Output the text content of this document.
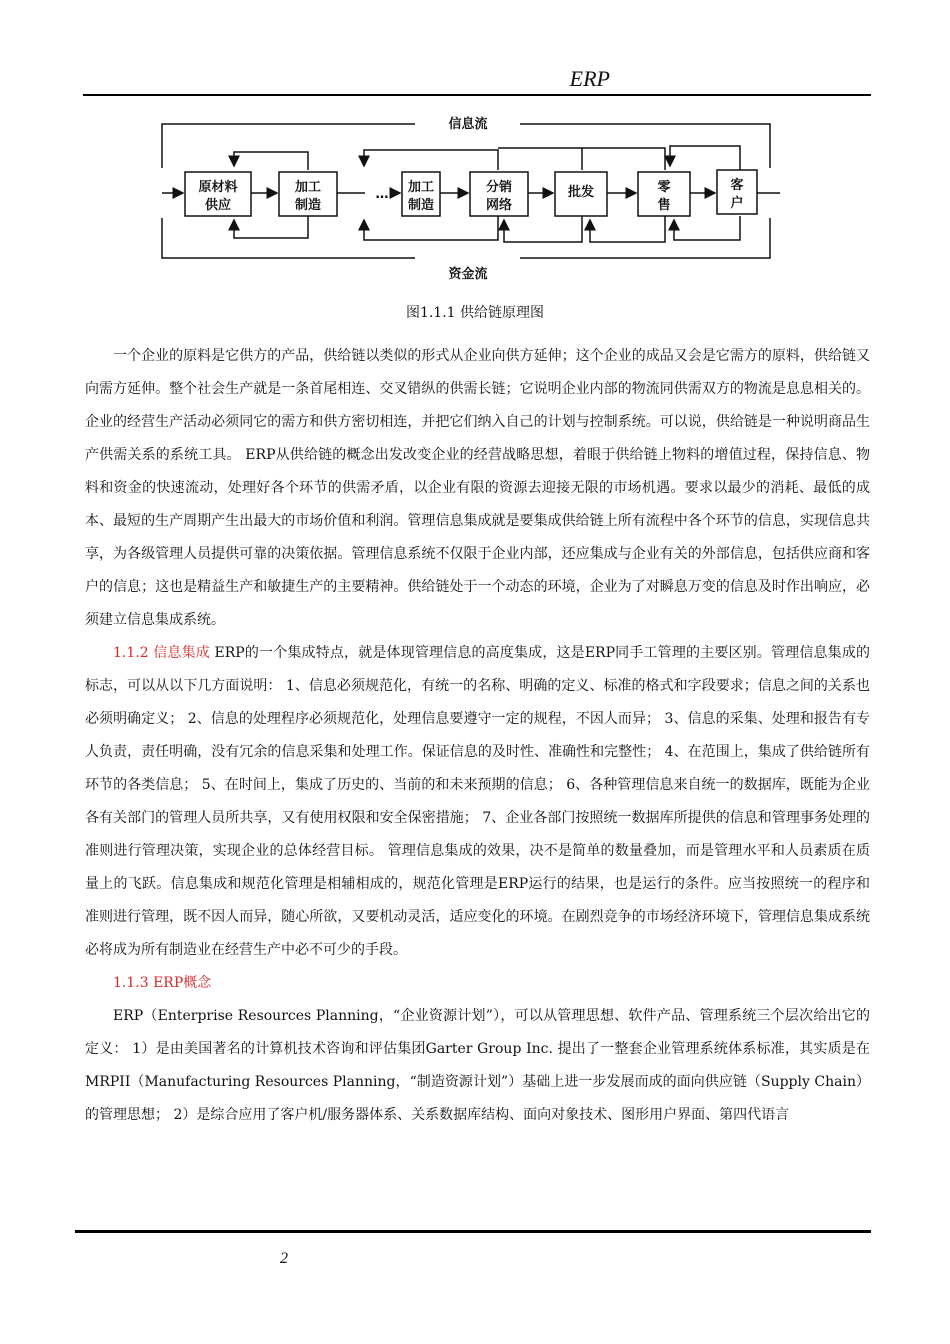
ERP
信息流
资金流
…
原材料
供应
加工
制造
加工
制造
分销
网络
批发	零
售
客
户
图1.1.1 供给链原理图

一个企业的原料是它供方的产品，供给链以类似的形式从企业向供方延伸；这个企业的成品又会是它需方的原料，供给链又向需方延伸。整个社会生产就是一条首尾相连、交叉错纵的供需长链；它说明企业内部的物流同供需双方的物流是息息相关的。企业的经营生产活动必须同它的需方和供方密切相连，并把它们纳入自己的计划与控制系统。可以说，供给链是一种说明商品生产供需关系的系统工具。 ERP从供给链的概念出发改变企业的经营战略思想，着眼于供给链上物料的增值过程，保持信息、物料和资金的快速流动，处理好各个环节的供需矛盾，以企业有限的资源去迎接无限的市场机遇。要求以最少的消耗、最低的成本、最短的生产周期产生出最大的市场价值和利润。管理信息集成就是要集成供给链上所有流程中各个环节的信息，实现信息共享，为各级管理人员提供可靠的决策依据。管理信息系统不仅限于企业内部，还应集成与企业有关的外部信息，包括供应商和客户的信息；这也是精益生产和敏捷生产的主要精神。供给链处于一个动态的环境，企业为了对瞬息万变的信息及时作出响应，必须建立信息集成系统。

1.1.2 信息集成 ERP的一个集成特点，就是体现管理信息的高度集成，这是ERP同手工管理的主要区别。管理信息集成的标志，可以从以下几方面说明： 1、信息必须规范化，有统一的名称、明确的定义、标准的格式和字段要求；信息之间的关系也必须明确定义； 2、信息的处理程序必须规范化，处理信息要遵守一定的规程，不因人而异； 3、信息的采集、处理和报告有专人负责，责任明确，没有冗余的信息采集和处理工作。保证信息的及时性、准确性和完整性； 4、在范围上，集成了供给链所有环节的各类信息； 5、在时间上，集成了历史的、当前的和未来预期的信息； 6、各种管理信息来自统一的数据库，既能为企业各有关部门的管理人员所共享，又有使用权限和安全保密措施； 7、企业各部门按照统一数据库所提供的信息和管理事务处理的准则进行管理决策，实现企业的总体经营目标。 管理信息集成的效果，决不是简单的数量叠加，而是管理水平和人员素质在质量上的飞跃。信息集成和规范化管理是相辅相成的，规范化管理是ERP运行的结果，也是运行的条件。应当按照统一的程序和准则进行管理，既不因人而异，随心所欲，又要机动灵活，适应变化的环境。在剧烈竞争的市场经济环境下，管理信息集成系统必将成为所有制造业在经营生产中必不可少的手段。

1.1.3 ERP概念

ERP（Enterprise Resources Planning，“企业资源计划”），可以从管理思想、软件产品、管理系统三个层次给出它的定义： 1）是由美国著名的计算机技术咨询和评估集团Garter Group Inc. 提出了一整套企业管理系统体系标准，其实质是在MRPII（Manufacturing Resources Planning，“制造资源计划”）基础上进一步发展而成的面向供应链（Supply Chain）的管理思想； 2）是综合应用了客户机/服务器体系、关系数据库结构、面向对象技术、图形用户界面、第四代语言

2
